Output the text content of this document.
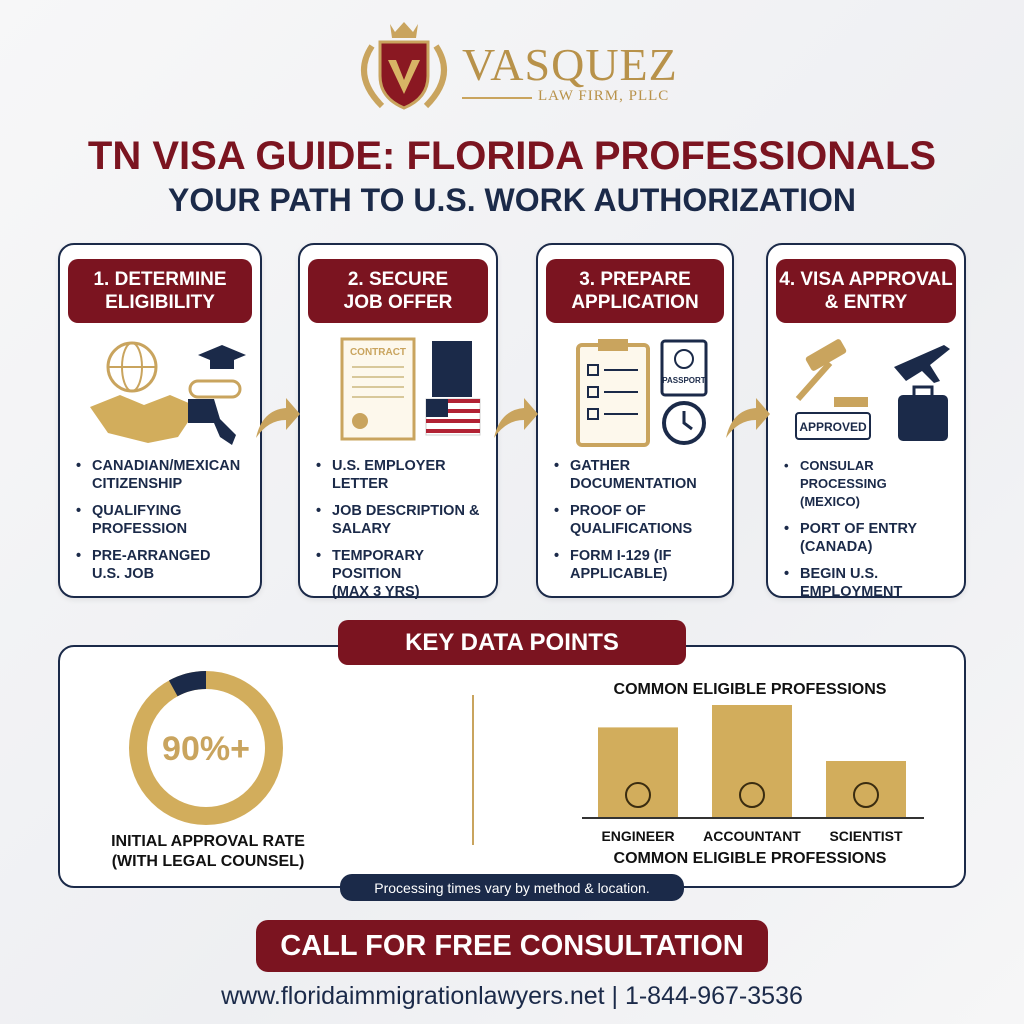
VASQUEZ
LAW FIRM, PLLC
TN VISA GUIDE: FLORIDA PROFESSIONALS
YOUR PATH TO U.S. WORK AUTHORIZATION
1. DETERMINE
ELIGIBILITY
• CANADIAN/MEXICAN
CITIZENSHIP
• QUALIFYING
PROFESSION
• PRE-ARRANGED
U.S. JOB
2. SECURE
JOB OFFER
CONTRACT
• U.S. EMPLOYER
LETTER
• JOB DESCRIPTION &
SALARY
• TEMPORARY POSITION
(MAX 3 YRS)
3. PREPARE
APPLICATION
PASSPORT
• GATHER
DOCUMENTATION
• PROOF OF
QUALIFICATIONS
• FORM I-129 (IF
APPLICABLE)
4. VISA APPROVAL
& ENTRY
APPROVED
• CONSULAR PROCESSING
(MEXICO)
• PORT OF ENTRY
(CANADA)
• BEGIN U.S.
EMPLOYMENT
KEY DATA POINTS
90%+
INITIAL APPROVAL RATE
(WITH LEGAL COUNSEL)
COMMON ELIGIBLE PROFESSIONS
ENGINEER ACCOUNTANT SCIENTIST
COMMON ELIGIBLE PROFESSIONS
Processing times vary by method & location.
CALL FOR FREE CONSULTATION
www.floridaimmigrationlawyers.net | 1-844-967-3536
